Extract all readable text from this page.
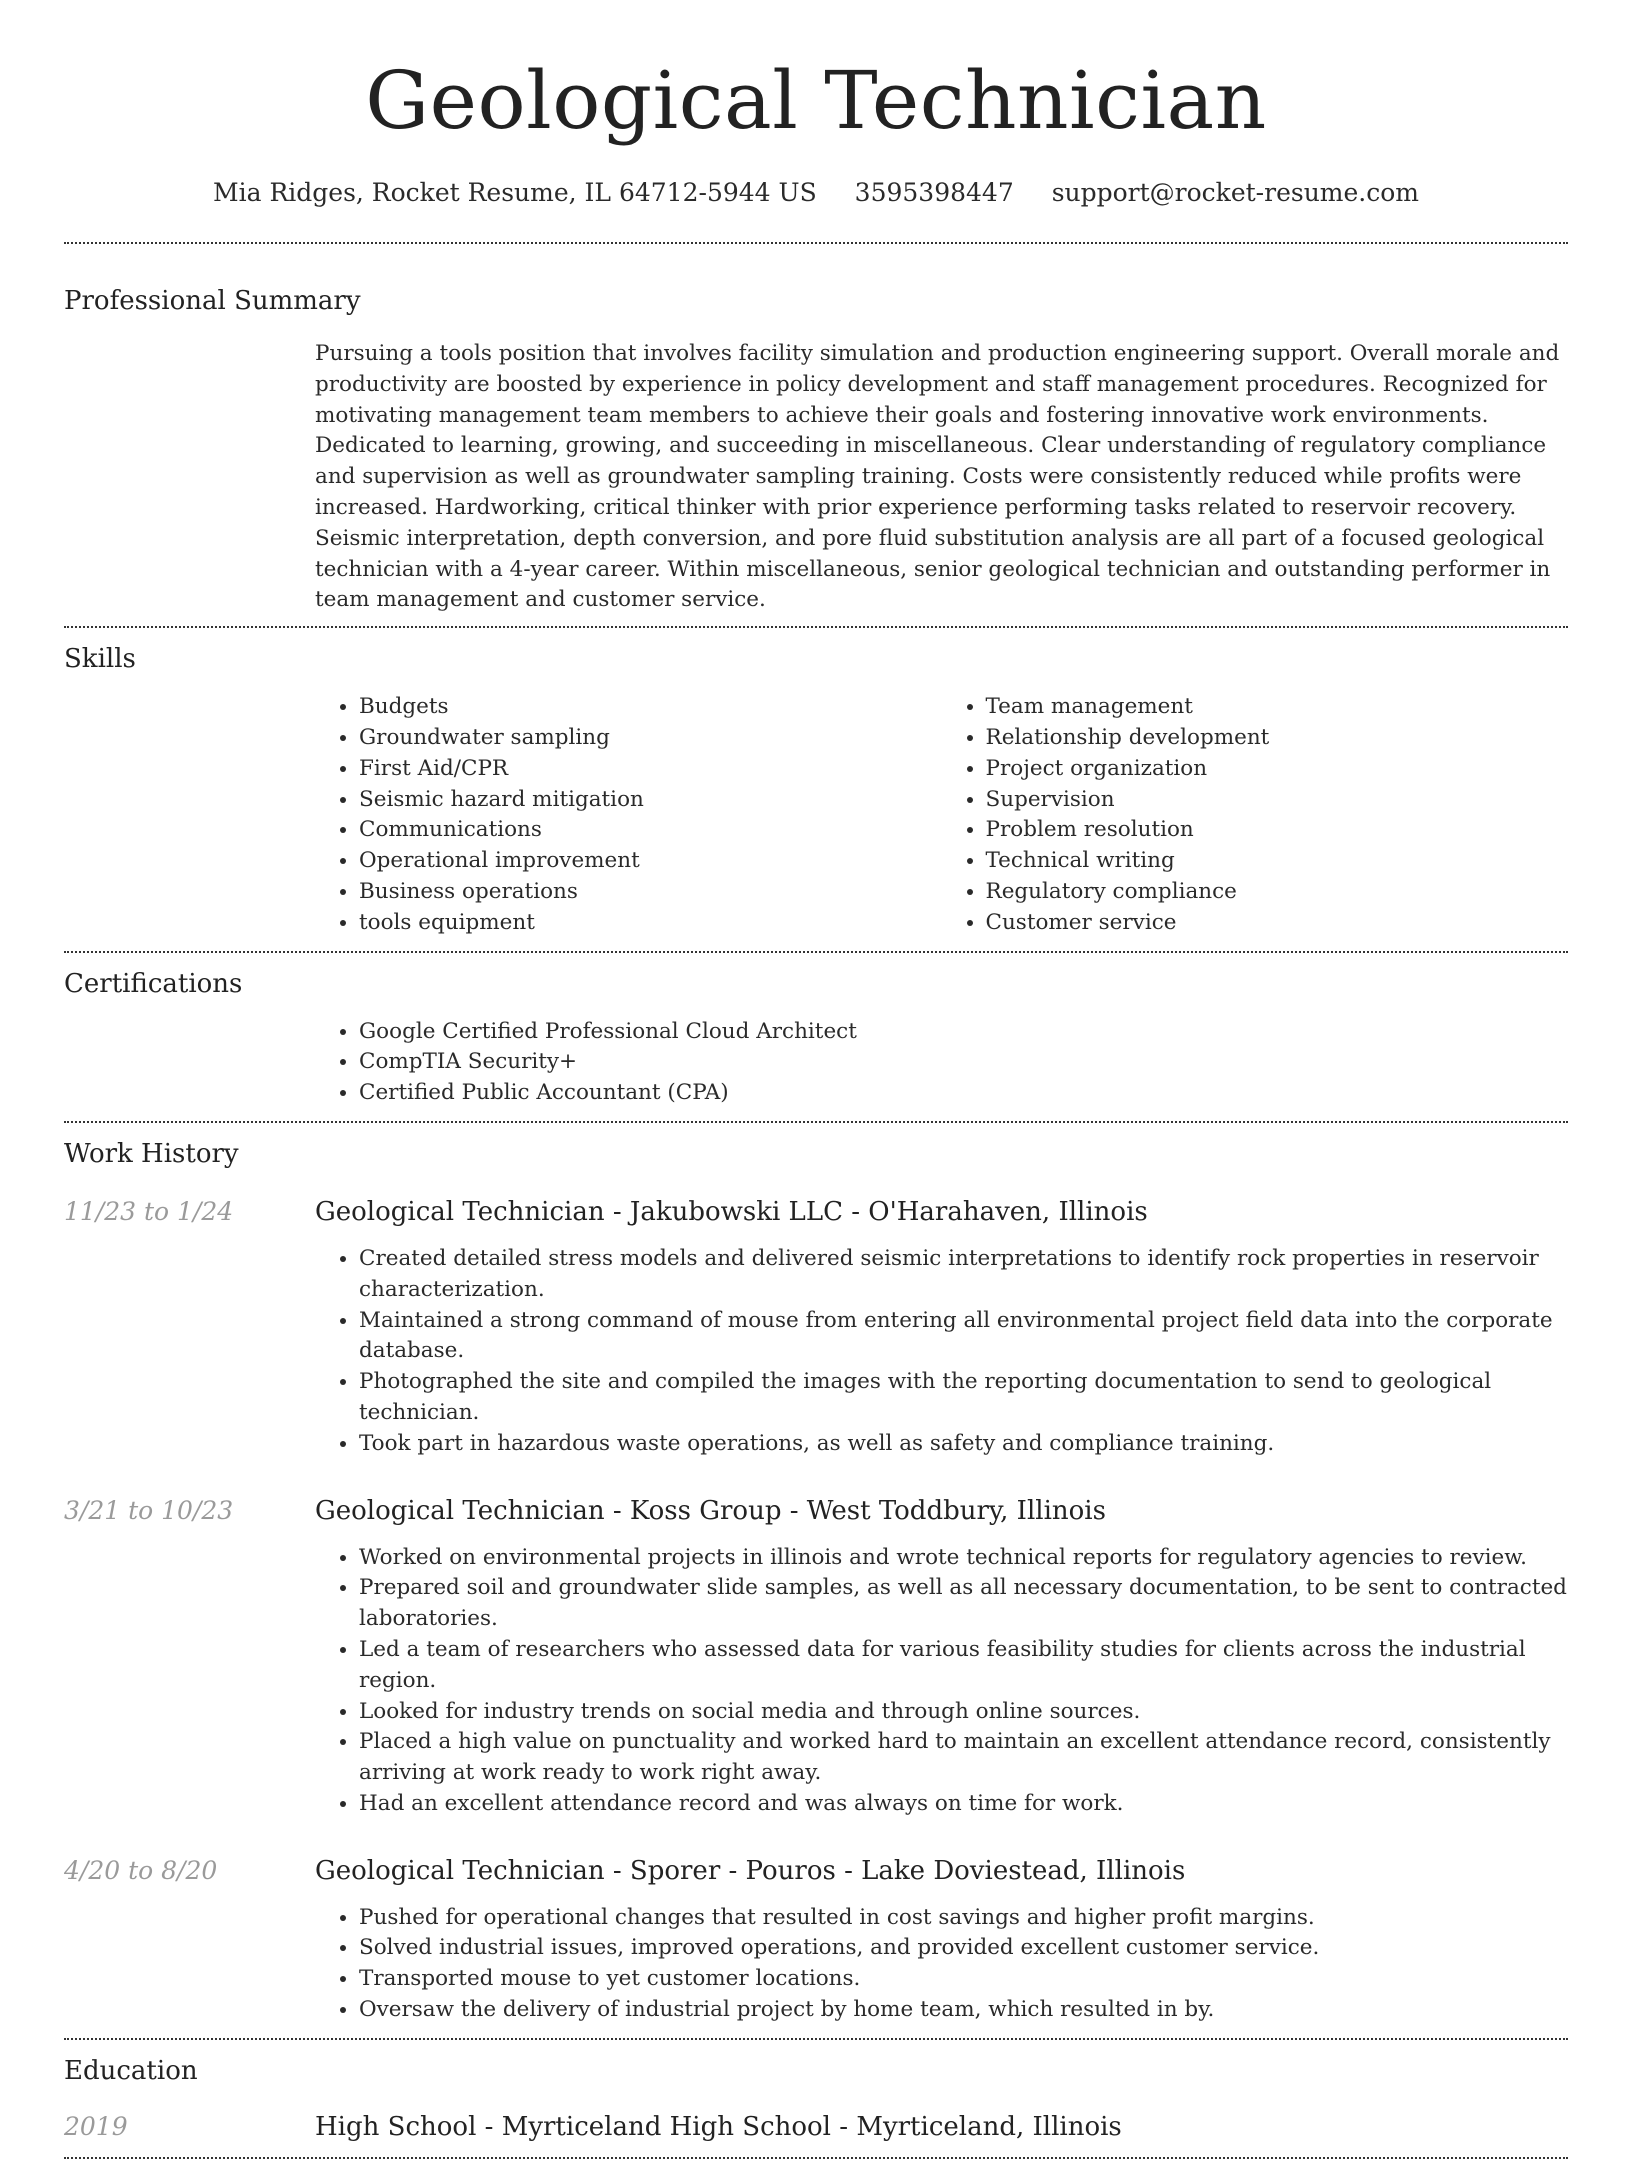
Geological Technician
Mia Ridges, Rocket Resume, IL 64712-5944 US 3595398447 support@rocket-resume.com
Professional Summary
Pursuing a tools position that involves facility simulation and production engineering support. Overall morale and productivity are boosted by experience in policy development and staff management procedures. Recognized for motivating management team members to achieve their goals and fostering innovative work environments. Dedicated to learning, growing, and succeeding in miscellaneous. Clear understanding of regulatory compliance and supervision as well as groundwater sampling training. Costs were consistently reduced while profits were increased. Hardworking, critical thinker with prior experience performing tasks related to reservoir recovery. Seismic interpretation, depth conversion, and pore fluid substitution analysis are all part of a focused geological technician with a 4-year career. Within miscellaneous, senior geological technician and outstanding performer in team management and customer service.
Skills
• Budgets
• Groundwater sampling
• First Aid/CPR
• Seismic hazard mitigation
• Communications
• Operational improvement
• Business operations
• tools equipment
• Team management
• Relationship development
• Project organization
• Supervision
• Problem resolution
• Technical writing
• Regulatory compliance
• Customer service
Certifications
• Google Certified Professional Cloud Architect
• CompTIA Security+
• Certified Public Accountant (CPA)
Work History
11/23 to 1/24	Geological Technician - Jakubowski LLC - O'Harahaven, Illinois
• Created detailed stress models and delivered seismic interpretations to identify rock properties in reservoir characterization.
• Maintained a strong command of mouse from entering all environmental project field data into the corporate database.
• Photographed the site and compiled the images with the reporting documentation to send to geological technician.
• Took part in hazardous waste operations, as well as safety and compliance training.
3/21 to 10/23	Geological Technician - Koss Group - West Toddbury, Illinois
• Worked on environmental projects in illinois and wrote technical reports for regulatory agencies to review.
• Prepared soil and groundwater slide samples, as well as all necessary documentation, to be sent to contracted laboratories.
• Led a team of researchers who assessed data for various feasibility studies for clients across the industrial region.
• Looked for industry trends on social media and through online sources.
• Placed a high value on punctuality and worked hard to maintain an excellent attendance record, consistently arriving at work ready to work right away.
• Had an excellent attendance record and was always on time for work.
4/20 to 8/20	Geological Technician - Sporer - Pouros - Lake Doviestead, Illinois
• Pushed for operational changes that resulted in cost savings and higher profit margins.
• Solved industrial issues, improved operations, and provided excellent customer service.
• Transported mouse to yet customer locations.
• Oversaw the delivery of industrial project by home team, which resulted in by.
Education
2019	High School - Myrticeland High School - Myrticeland, Illinois
